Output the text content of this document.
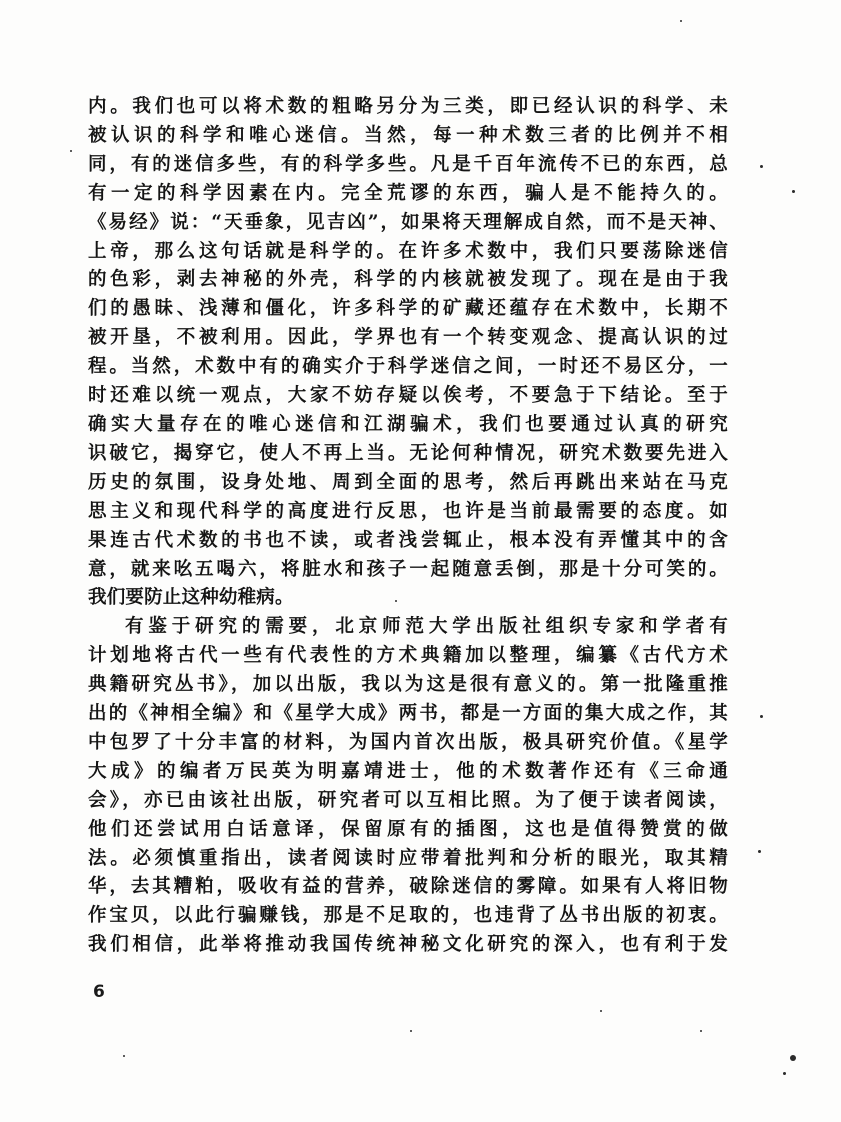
内。我们也可以将术数的粗略另分为三类，即已经认识的科学、未
被认识的科学和唯心迷信。当然，每一种术数三者的比例并不相
同，有的迷信多些，有的科学多些。凡是千百年流传不已的东西，总
有一定的科学因素在内。完全荒谬的东西，骗人是不能持久的。
《易经》说：“天垂象，见吉凶”，如果将天理解成自然，而不是天神、
上帝，那么这句话就是科学的。在许多术数中，我们只要荡除迷信
的色彩，剥去神秘的外壳，科学的内核就被发现了。现在是由于我
们的愚昧、浅薄和僵化，许多科学的矿藏还蕴存在术数中，长期不
被开垦，不被利用。因此，学界也有一个转变观念、提高认识的过
程。当然，术数中有的确实介于科学迷信之间，一时还不易区分，一
时还难以统一观点，大家不妨存疑以俟考，不要急于下结论。至于
确实大量存在的唯心迷信和江湖骗术，我们也要通过认真的研究
识破它，揭穿它，使人不再上当。无论何种情况，研究术数要先进入
历史的氛围，设身处地、周到全面的思考，然后再跳出来站在马克
思主义和现代科学的高度进行反思，也许是当前最需要的态度。如
果连古代术数的书也不读，或者浅尝辄止，根本没有弄懂其中的含
意，就来吆五喝六，将脏水和孩子一起随意丢倒，那是十分可笑的。
我们要防止这种幼稚病。
有鉴于研究的需要，北京师范大学出版社组织专家和学者有
计划地将古代一些有代表性的方术典籍加以整理，编纂《古代方术
典籍研究丛书》，加以出版，我以为这是很有意义的。第一批隆重推
出的《神相全编》和《星学大成》两书，都是一方面的集大成之作，其
中包罗了十分丰富的材料，为国内首次出版，极具研究价值。《星学
大成》的编者万民英为明嘉靖进士，他的术数著作还有《三命通
会》，亦已由该社出版，研究者可以互相比照。为了便于读者阅读，
他们还尝试用白话意译，保留原有的插图，这也是值得赞赏的做
法。必须慎重指出，读者阅读时应带着批判和分析的眼光，取其精
华，去其糟粕，吸收有益的营养，破除迷信的雾障。如果有人将旧物
作宝贝，以此行骗赚钱，那是不足取的，也违背了丛书出版的初衷。
我们相信，此举将推动我国传统神秘文化研究的深入，也有利于发
6
